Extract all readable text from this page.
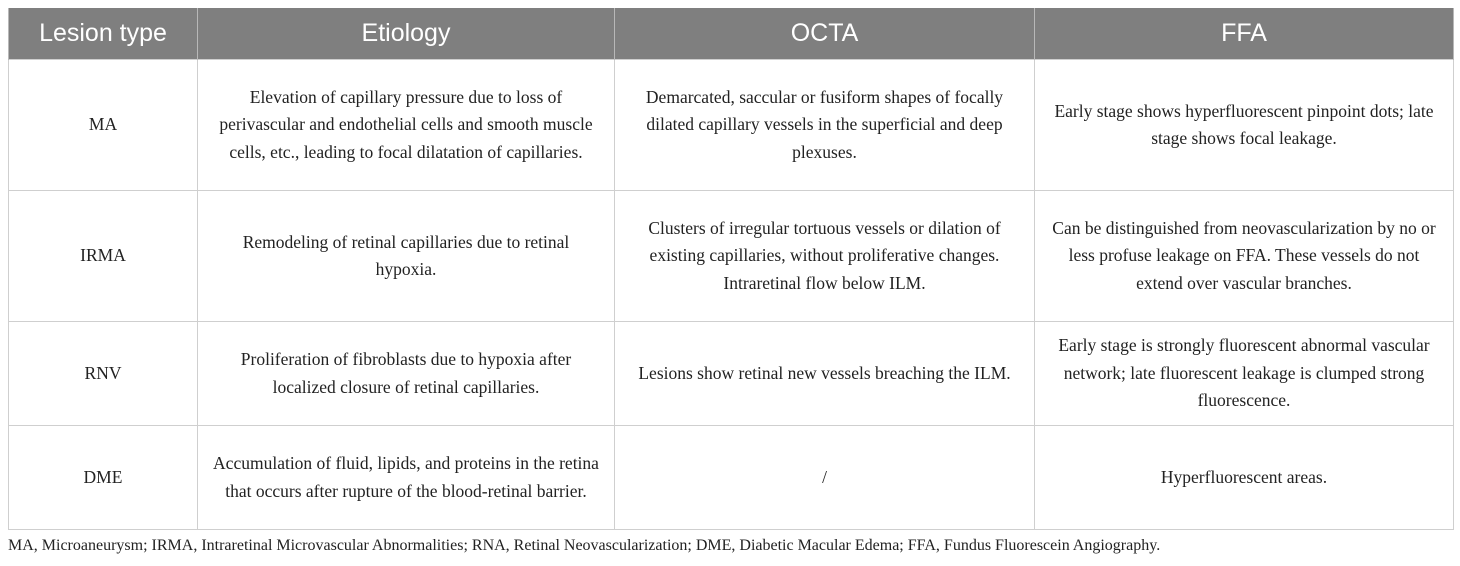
Lesion type	Etiology	OCTA	FFA
MA	Elevation of capillary pressure due to loss of perivascular and endothelial cells and smooth muscle cells, etc., leading to focal dilatation of capillaries.	Demarcated, saccular or fusiform shapes of focally dilated capillary vessels in the superficial and deep plexuses.	Early stage shows hyperfluorescent pinpoint dots; late stage shows focal leakage.
IRMA	Remodeling of retinal capillaries due to retinal hypoxia.	Clusters of irregular tortuous vessels or dilation of existing capillaries, without proliferative changes. Intraretinal flow below ILM.	Can be distinguished from neovascularization by no or less profuse leakage on FFA. These vessels do not extend over vascular branches.
RNV	Proliferation of fibroblasts due to hypoxia after localized closure of retinal capillaries.	Lesions show retinal new vessels breaching the ILM.	Early stage is strongly fluorescent abnormal vascular network; late fluorescent leakage is clumped strong fluorescence.
DME	Accumulation of fluid, lipids, and proteins in the retina that occurs after rupture of the blood-retinal barrier.	/	Hyperfluorescent areas.
MA, Microaneurysm; IRMA, Intraretinal Microvascular Abnormalities; RNA, Retinal Neovascularization; DME, Diabetic Macular Edema; FFA, Fundus Fluorescein Angiography.
